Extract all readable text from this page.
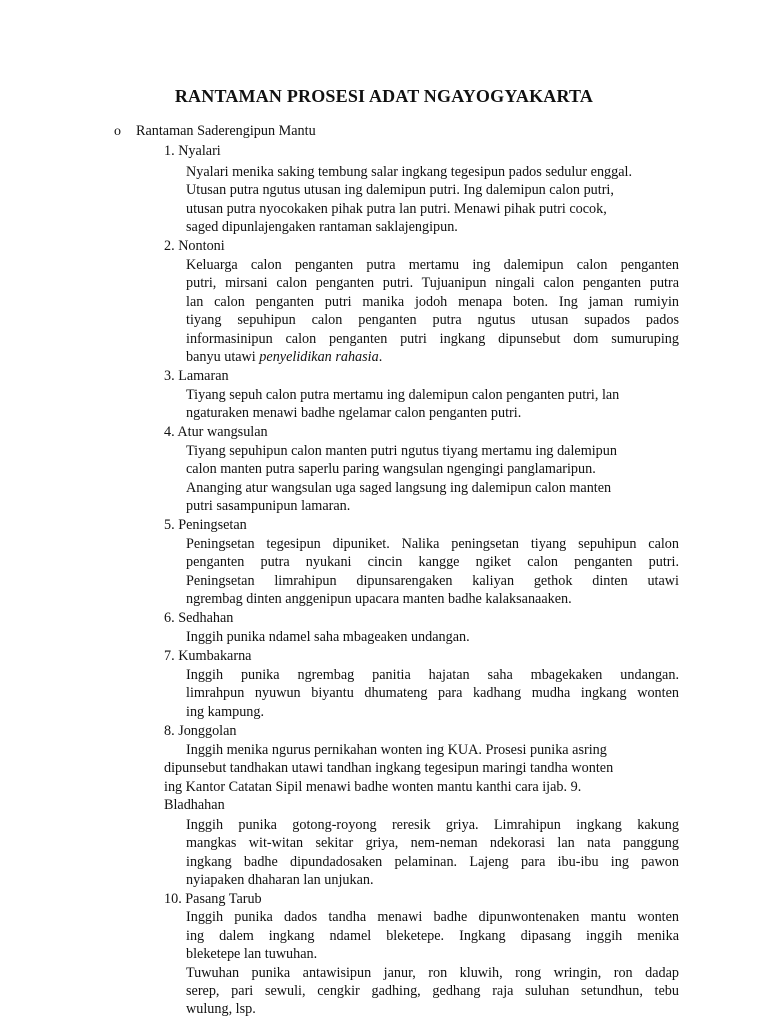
RANTAMAN PROSESI ADAT NGAYOGYAKARTA
o Rantaman Saderengipun Mantu
1. Nyalari
Nyalari menika saking tembung salar ingkang tegesipun pados sedulur enggal.
Utusan putra ngutus utusan ing dalemipun putri. Ing dalemipun calon putri,
utusan putra nyocokaken pihak putra lan putri. Menawi pihak putri cocok,
saged dipunlajengaken rantaman saklajengipun.
2. Nontoni
Keluarga calon penganten putra mertamu ing dalemipun calon penganten
putri, mirsani calon penganten putri. Tujuanipun ningali calon penganten putra
lan calon penganten putri manika jodoh menapa boten. Ing jaman rumiyin
tiyang sepuhipun calon penganten putra ngutus utusan supados pados
informasinipun calon penganten putri ingkang dipunsebut dom sumuruping
banyu utawi penyelidikan rahasia.
3. Lamaran
Tiyang sepuh calon putra mertamu ing dalemipun calon penganten putri, lan
ngaturaken menawi badhe ngelamar calon penganten putri.
4. Atur wangsulan
Tiyang sepuhipun calon manten putri ngutus tiyang mertamu ing dalemipun
calon manten putra saperlu paring wangsulan ngengingi panglamaripun.
Ananging atur wangsulan uga saged langsung ing dalemipun calon manten
putri sasampunipun lamaran.
5. Peningsetan
Peningsetan tegesipun dipuniket. Nalika peningsetan tiyang sepuhipun calon
penganten putra nyukani cincin kangge ngiket calon penganten putri.
Peningsetan limrahipun dipunsarengaken kaliyan gethok dinten utawi
ngrembag dinten anggenipun upacara manten badhe kalaksanaaken.
6. Sedhahan
Inggih punika ndamel saha mbageaken undangan.
7. Kumbakarna
Inggih punika ngrembag panitia hajatan saha mbagekaken undangan.
limrahpun nyuwun biyantu dhumateng para kadhang mudha ingkang wonten
ing kampung.
8. Jonggolan
Inggih menika ngurus pernikahan wonten ing KUA. Prosesi punika asring
dipunsebut tandhakan utawi tandhan ingkang tegesipun maringi tandha wonten
ing Kantor Catatan Sipil menawi badhe wonten mantu kanthi cara ijab. 9.
Bladhahan
Inggih punika gotong-royong reresik griya. Limrahipun ingkang kakung
mangkas wit-witan sekitar griya, nem-neman ndekorasi lan nata panggung
ingkang badhe dipundadosaken pelaminan. Lajeng para ibu-ibu ing pawon
nyiapaken dhaharan lan unjukan.
10. Pasang Tarub
Inggih punika dados tandha menawi badhe dipunwontenaken mantu wonten
ing dalem ingkang ndamel bleketepe. Ingkang dipasang inggih menika
bleketepe lan tuwuhan.
Tuwuhan punika antawisipun janur, ron kluwih, rong wringin, ron dadap
serep, pari sewuli, cengkir gadhing, gedhang raja suluhan setundhun, tebu
wulung, lsp.
